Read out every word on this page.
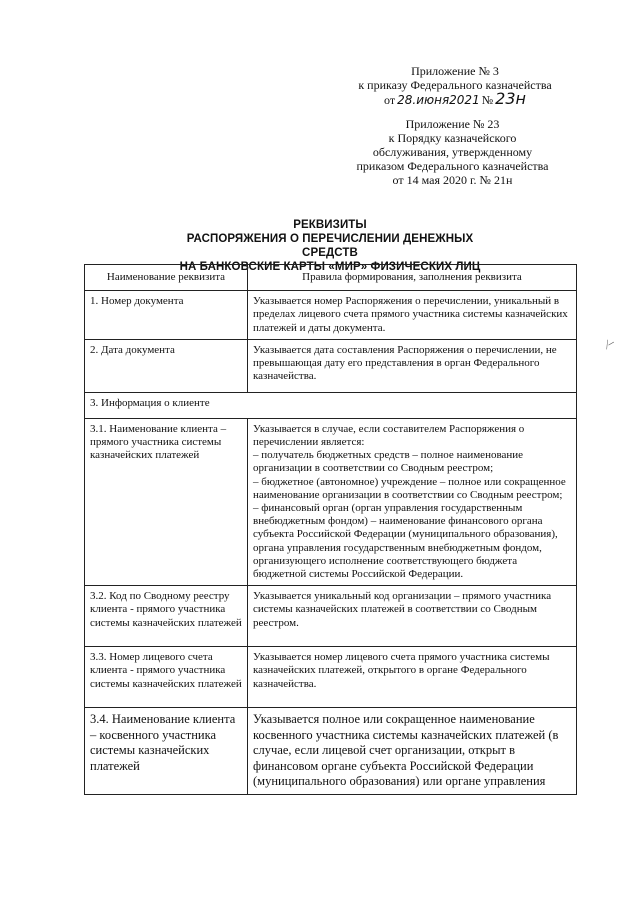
Приложение № 3
к приказу Федерального казначейства
от 28.июня2021 № 23н
Приложение № 23
к Порядку казначейского
обслуживания, утвержденному
приказом Федерального казначейства
от 14 мая 2020 г. № 21н
РЕКВИЗИТЫ
РАСПОРЯЖЕНИЯ О ПЕРЕЧИСЛЕНИИ ДЕНЕЖНЫХ СРЕДСТВ
НА БАНКОВСКИЕ КАРТЫ «МИР» ФИЗИЧЕСКИХ ЛИЦ
Наименование реквизита	Правила формирования, заполнения реквизита
1. Номер документа	Указывается номер Распоряжения о перечислении, уникальный в пределах лицевого счета прямого участника системы казначейских платежей и даты документа.
2. Дата документа	Указывается дата составления Распоряжения о перечислении, не превышающая дату его представления в орган Федерального казначейства.
3. Информация о клиенте	
3.1. Наименование клиента – прямого участника системы казначейских платежей	Указывается в случае, если составителем Распоряжения о перечислении является:
– получатель бюджетных средств – полное наименование организации в соответствии со Сводным реестром;
– бюджетное (автономное) учреждение – полное или сокращенное наименование организации в соответствии со Сводным реестром;
– финансовый орган (орган управления государственным внебюджетным фондом) – наименование финансового органа субъекта Российской Федерации (муниципального образования), органа управления государственным внебюджетным фондом, организующего исполнение соответствующего бюджета бюджетной системы Российской Федерации.

3.2. Код по Сводному реестру клиента - прямого участника системы казначейских платежей	Указывается уникальный код организации – прямого участника системы казначейских платежей в соответствии со Сводным реестром.
3.3. Номер лицевого счета клиента - прямого участника системы казначейских платежей	Указывается номер лицевого счета прямого участника системы казначейских платежей, открытого в органе Федерального казначейства.
3.4. Наименование клиента – косвенного участника системы казначейских платежей	Указывается полное или сокращенное наименование косвенного участника системы казначейских платежей (в случае, если лицевой счет организации, открыт в финансовом органе субъекта Российской Федерации (муниципального образования) или органе управления
⁄–
